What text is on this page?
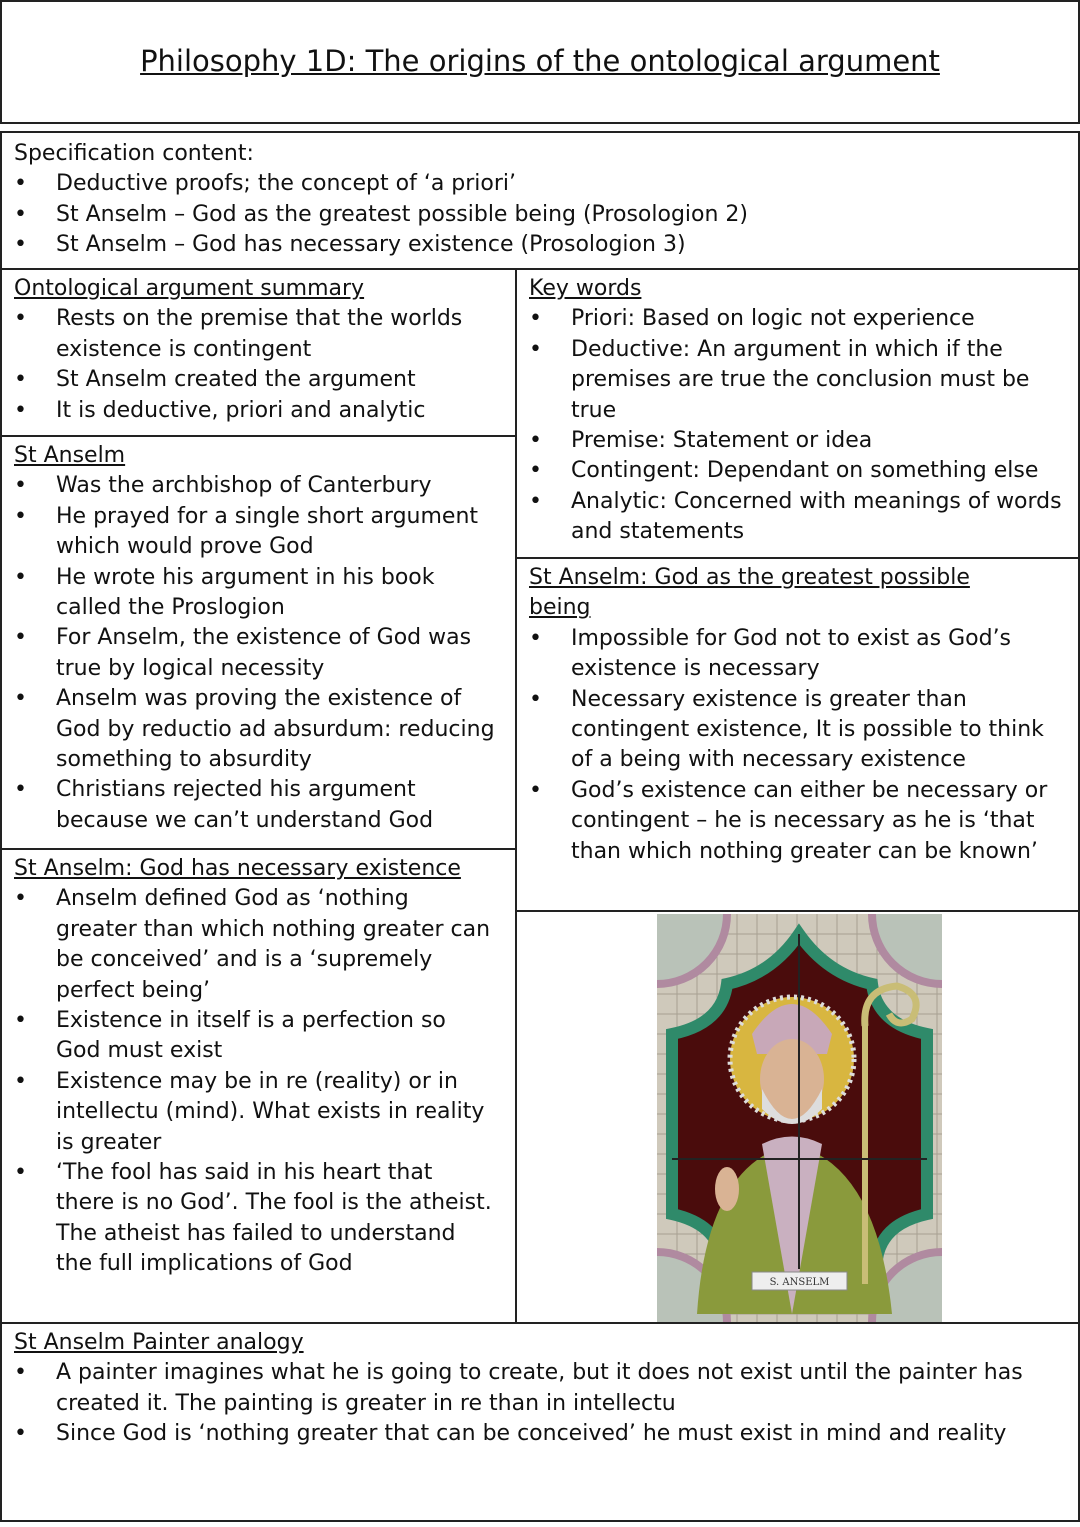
Philosophy 1D: The origins of the ontological argument
Specification content:
• Deductive proofs; the concept of ‘a priori’
• St Anselm – God as the greatest possible being (Prosologion 2)
• St Anselm – God has necessary existence (Prosologion 3)
Ontological argument summary
• Rests on the premise that the worlds existence is contingent
• St Anselm created the argument
• It is deductive, priori and analytic
St Anselm
• Was the archbishop of Canterbury
• He prayed for a single short argument which would prove God
• He wrote his argument in his book called the Proslogion
• For Anselm, the existence of God was true by logical necessity
• Anselm was proving the existence of God by reductio ad absurdum: reducing something to absurdity
• Christians rejected his argument because we can’t understand God
St Anselm: God has necessary existence
• Anselm defined God as ‘nothing greater than which nothing greater can be conceived’ and is a ‘supremely perfect being’
• Existence in itself is a perfection so God must exist
• Existence may be in re (reality) or in intellectu (mind). What exists in reality is greater
• ‘The fool has said in his heart that there is no God’. The fool is the atheist. The atheist has failed to understand the full implications of God
Key words
• Priori: Based on logic not experience
• Deductive: An argument in which if the premises are true the conclusion must be true
• Premise: Statement or idea
• Contingent: Dependant on something else
• Analytic: Concerned with meanings of words and statements
St Anselm: God as the greatest possible being
• Impossible for God not to exist as God’s existence is necessary
• Necessary existence is greater than contingent existence, It is possible to think of a being with necessary existence
• God’s existence can either be necessary or contingent – he is necessary as he is ‘that than which nothing greater can be known’
S. ANSELM
St Anselm Painter analogy
• A painter imagines what he is going to create, but it does not exist until the painter has created it. The painting is greater in re than in intellectu
• Since God is ‘nothing greater that can be conceived’ he must exist in mind and reality
